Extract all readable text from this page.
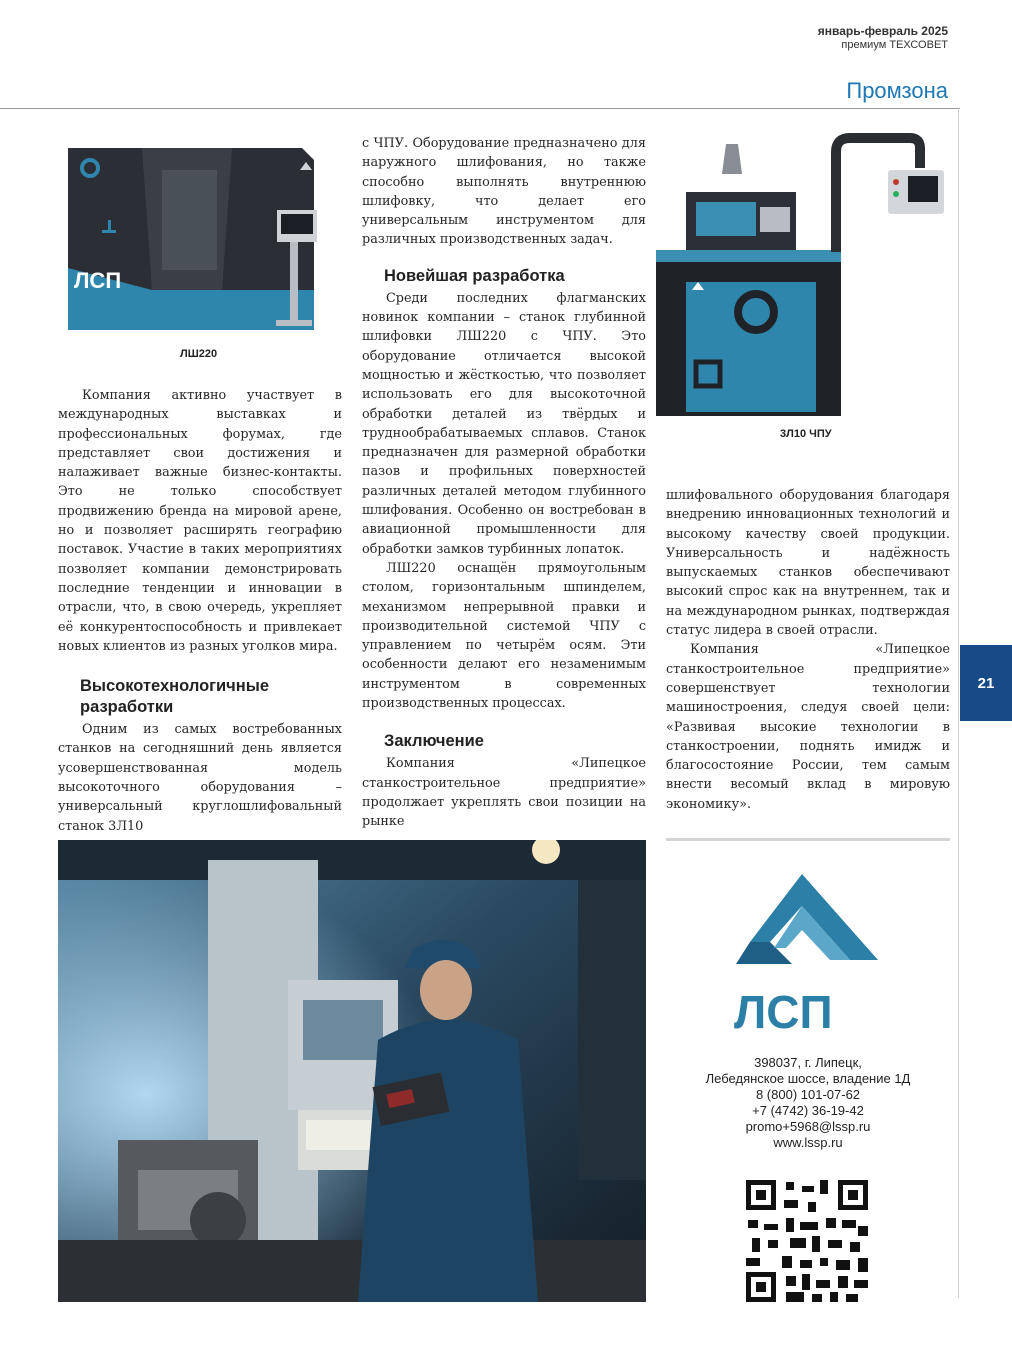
январь-февраль 2025
премиум ТЕХСОВЕТ
Промзона
21
ЛСП
ЛШ220

Компания активно участвует в международных выставках и профессиональных форумах, где представляет свои достижения и налаживает важные бизнес-контакты. Это не только способствует продвижению бренда на мировой арене, но и позволяет расширять географию поставок. Участие в таких мероприятиях позволяет компании демонстрировать последние тенденции и инновации в отрасли, что, в свою очередь, укрепляет её конкурентоспособность и привлекает новых клиентов из разных уголков мира.

Высокотехнологичные разработки

Одним из самых востребованных станков на сегодняшний день является усовершенствованная модель высокоточного оборудования – универсальный круглошлифовальный станок 3Л10

с ЧПУ. Оборудование предназначено для наружного шлифования, но также способно выполнять внутреннюю шлифовку, что делает его универсальным инструментом для различных производственных задач.

Новейшая разработка

Среди последних флагманских новинок компании – станок глубинной шлифовки ЛШ220 с ЧПУ. Это оборудование отличается высокой мощностью и жёсткостью, что позволяет использовать его для высокоточной обработки деталей из твёрдых и труднообрабатываемых сплавов. Станок предназначен для размерной обработки пазов и профильных поверхностей различных деталей методом глубинного шлифования. Особенно он востребован в авиационной промышленности для обработки замков турбинных лопаток.

ЛШ220 оснащён прямоугольным столом, горизонтальным шпинделем, механизмом непрерывной правки и производительной системой ЧПУ с управлением по четырём осям. Эти особенности делают его незаменимым инструментом в современных производственных процессах.

Заключение

Компания «Липецкое станкостроительное предприятие» продолжает укреплять свои позиции на рынке

3Л10 ЧПУ

шлифовального оборудования благодаря внедрению инновационных технологий и высокому качеству своей продукции. Универсальность и надёжность выпускаемых станков обеспечивают высокий спрос как на внутреннем, так и на международном рынках, подтверждая статус лидера в своей отрасли.

Компания «Липецкое станкостроительное предприятие» совершенствует технологии машиностроения, следуя своей цели: «Развивая высокие технологии в станкостроении, поднять имидж и благосостояние России, тем самым внести весомый вклад в мировую экономику».

ЛСП
398037, г. Липецк,
Лебедянское шоссе, владение 1Д
8 (800) 101-07-62
+7 (4742) 36-19-42
promo+5968@lssp.ru
www.lssp.ru
